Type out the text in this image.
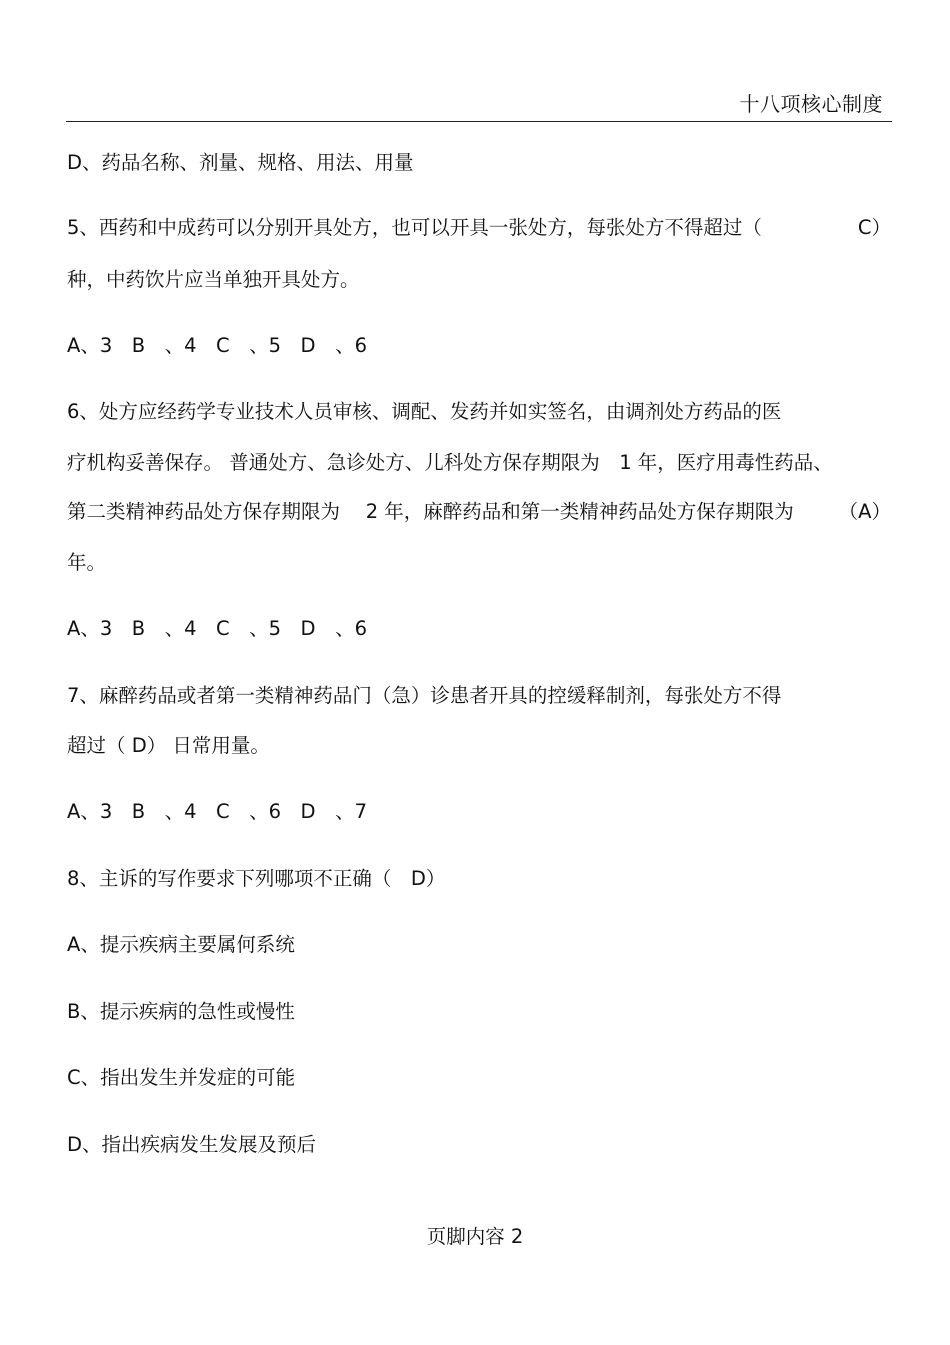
十八项核心制度
D、药品名称、剂量、规格、用法、用量
5、西药和中成药可以分别开具处方，也可以开具一张处方，每张处方不得超过（	C）
种，中药饮片应当单独开具处方。
A、3　B　、4　C　、5　D　、6
6、处方应经药学专业技术人员审核、调配、发药并如实签名，由调剂处方药品的医
疗机构妥善保存。 普通处方、急诊处方、儿科处方保存期限为　1 年，医疗用毒性药品、
第二类精神药品处方保存期限为　 2 年，麻醉药品和第一类精神药品处方保存期限为 （A）
年。
A、3　B　、4　C　、5　D　、6
7、麻醉药品或者第一类精神药品门（急）诊患者开具的控缓释制剂，每张处方不得
超过（ D） 日常用量。
A、3　B　、4　C　、6　D　、7
8、主诉的写作要求下列哪项不正确（　D）
A、提示疾病主要属何系统
B、提示疾病的急性或慢性
C、指出发生并发症的可能
D、指出疾病发生发展及预后
页脚内容 2
